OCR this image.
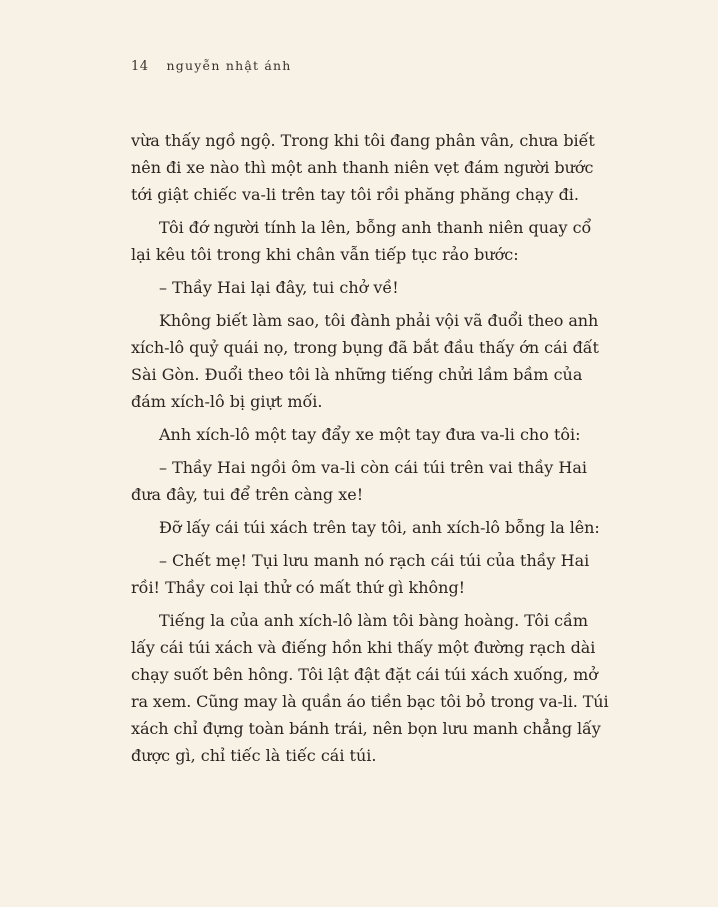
14 nguyễn nhật ánh

vừa thấy ngồ ngộ. Trong khi tôi đang phân vân, chưa biết
nên đi xe nào thì một anh thanh niên vẹt đám người bước
tới giật chiếc va-li trên tay tôi rồi phăng phăng chạy đi.

Tôi đớ người tính la lên, bỗng anh thanh niên quay cổ
lại kêu tôi trong khi chân vẫn tiếp tục rảo bước:

– Thầy Hai lại đây, tui chở về!

Không biết làm sao, tôi đành phải vội vã đuổi theo anh
xích-lô quỷ quái nọ, trong bụng đã bắt đầu thấy ớn cái đất
Sài Gòn. Đuổi theo tôi là những tiếng chửi lầm bầm của
đám xích-lô bị giựt mối.

Anh xích-lô một tay đẩy xe một tay đưa va-li cho tôi:

– Thầy Hai ngồi ôm va-li còn cái túi trên vai thầy Hai
đưa đây, tui để trên càng xe!

Đỡ lấy cái túi xách trên tay tôi, anh xích-lô bỗng la lên:

– Chết mẹ! Tụi lưu manh nó rạch cái túi của thầy Hai
rồi! Thầy coi lại thử có mất thứ gì không!

Tiếng la của anh xích-lô làm tôi bàng hoàng. Tôi cầm
lấy cái túi xách và điếng hồn khi thấy một đường rạch dài
chạy suốt bên hông. Tôi lật đật đặt cái túi xách xuống, mở
ra xem. Cũng may là quần áo tiền bạc tôi bỏ trong va-li. Túi
xách chỉ đựng toàn bánh trái, nên bọn lưu manh chẳng lấy
được gì, chỉ tiếc là tiếc cái túi.
